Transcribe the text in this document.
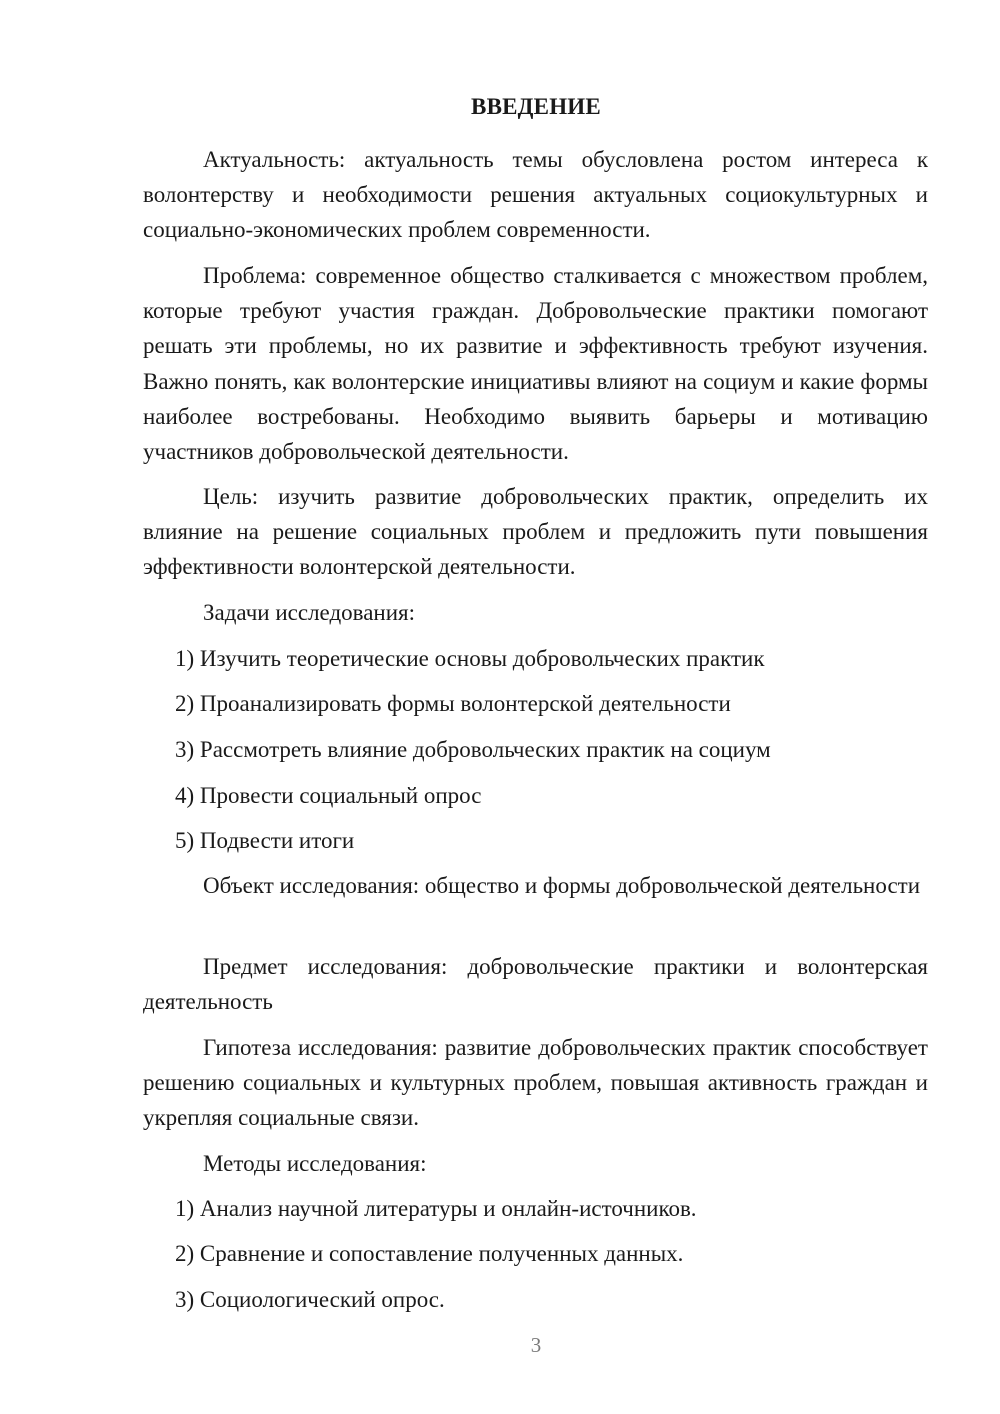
ВВЕДЕНИЕ
Актуальность: актуальность темы обусловлена ростом интереса к волонтерству и необходимости решения актуальных социокультурных и социально-экономических проблем современности.
Проблема: современное общество сталкивается с множеством проблем, которые требуют участия граждан. Добровольческие практики помогают решать эти проблемы, но их развитие и эффективность требуют изучения. Важно понять, как волонтерские инициативы влияют на социум и какие формы наиболее востребованы. Необходимо выявить барьеры и мотивацию участников добровольческой деятельности.
Цель: изучить развитие добровольческих практик, определить их влияние на решение социальных проблем и предложить пути повышения эффективности волонтерской деятельности.
Задачи исследования:
1) Изучить теоретические основы добровольческих практик
2) Проанализировать формы волонтерской деятельности
3) Рассмотреть влияние добровольческих практик на социум
4) Провести социальный опрос
5) Подвести итоги
Объект исследования: общество и формы добровольческой деятельности
Предмет исследования: добровольческие практики и волонтерская деятельность
Гипотеза исследования: развитие добровольческих практик способствует решению социальных и культурных проблем, повышая активность граждан и укрепляя социальные связи.
Методы исследования:
1) Анализ научной литературы и онлайн-источников.
2) Сравнение и сопоставление полученных данных.
3) Социологический опрос.
3
